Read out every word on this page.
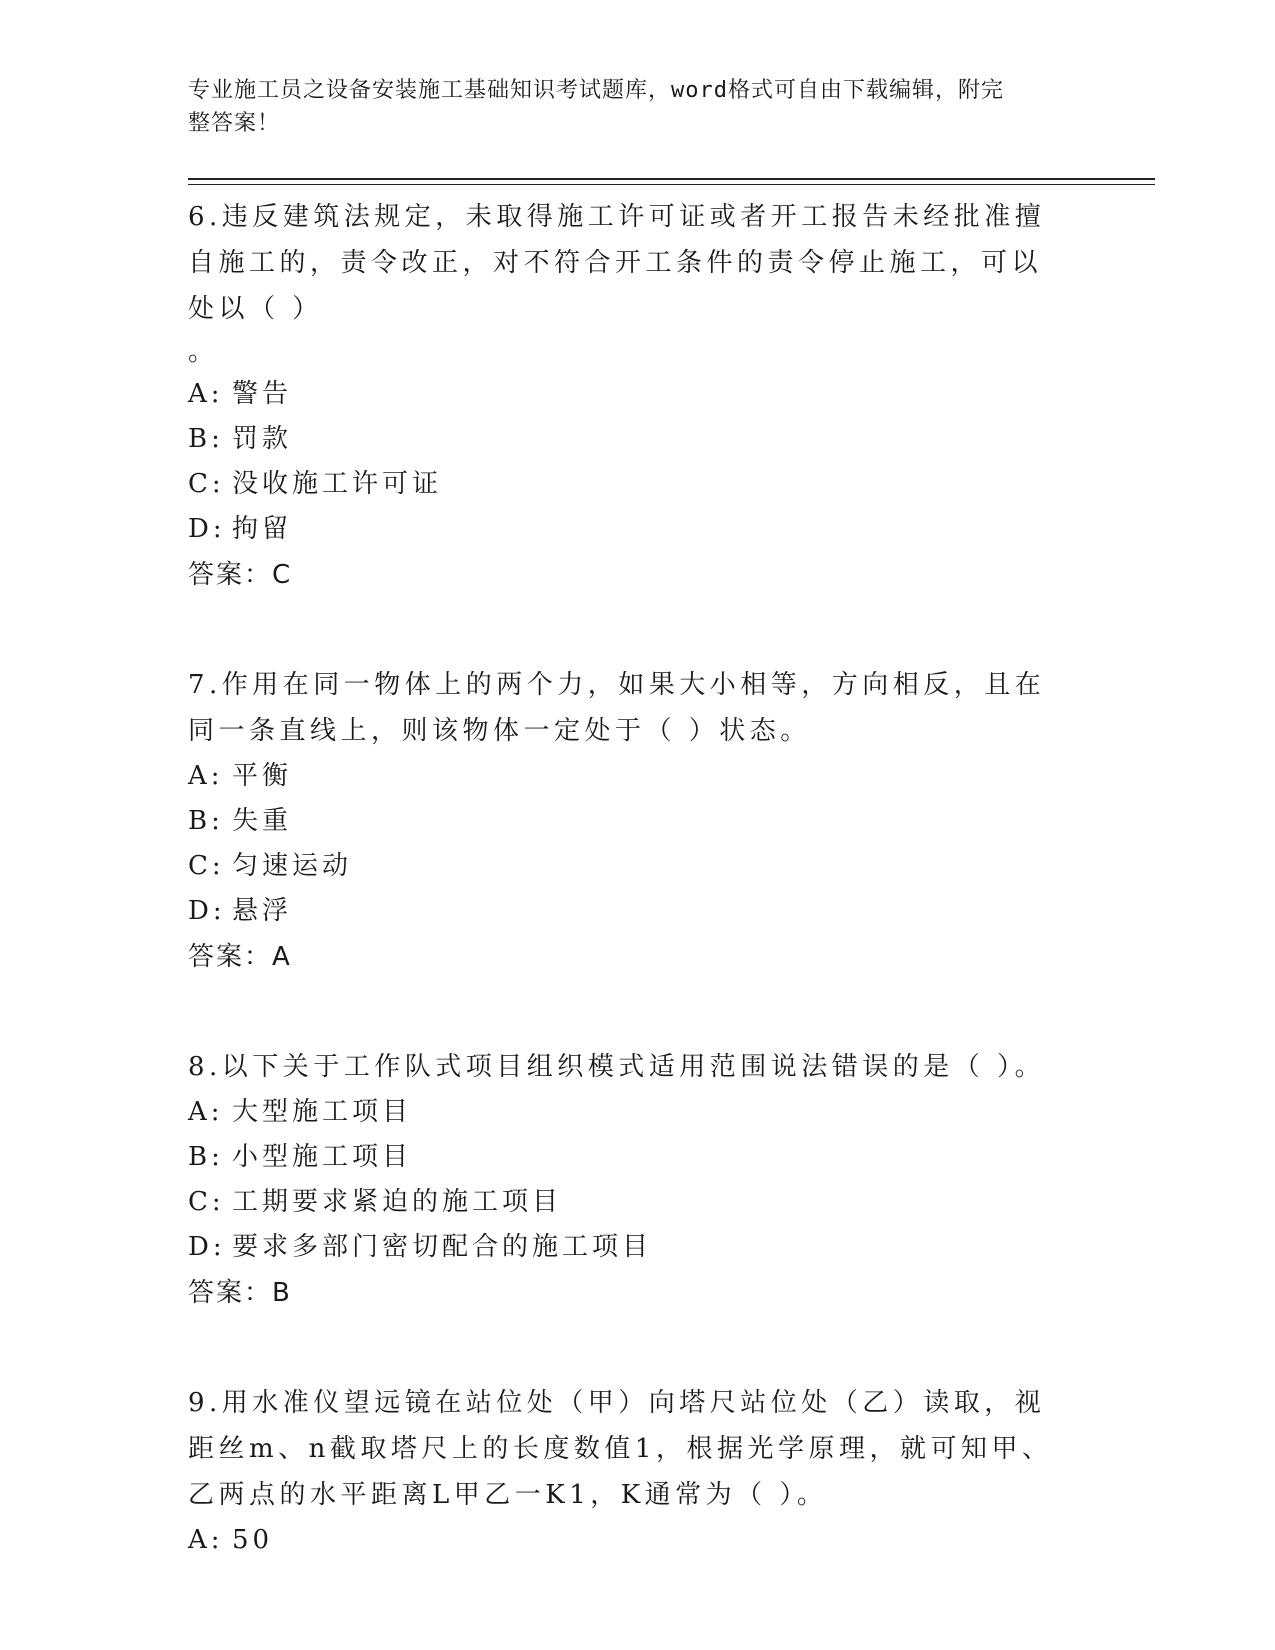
专业施工员之设备安装施工基础知识考试题库，word格式可自由下载编辑，附完
整答案！
6.违反建筑法规定，未取得施工许可证或者开工报告未经批准擅自施工的，责令改正，对不符合开工条件的责令停止施工，可以处以（ ）
。
A: 警告
B: 罚款
C: 没收施工许可证
D: 拘留
答案：C
7.作用在同一物体上的两个力，如果大小相等，方向相反，且在同一条直线上，则该物体一定处于（ ）状态。
A: 平衡
B: 失重
C: 匀速运动
D: 悬浮
答案：A
8.以下关于工作队式项目组织模式适用范围说法错误的是（ ）。
A: 大型施工项目
B: 小型施工项目
C: 工期要求紧迫的施工项目
D: 要求多部门密切配合的施工项目
答案：B
9.用水准仪望远镜在站位处（甲）向塔尺站位处（乙）读取，视距丝m、n截取塔尺上的长度数值1，根据光学原理，就可知甲、乙两点的水平距离L甲乙一K1，K通常为（ ）。
A: 50
